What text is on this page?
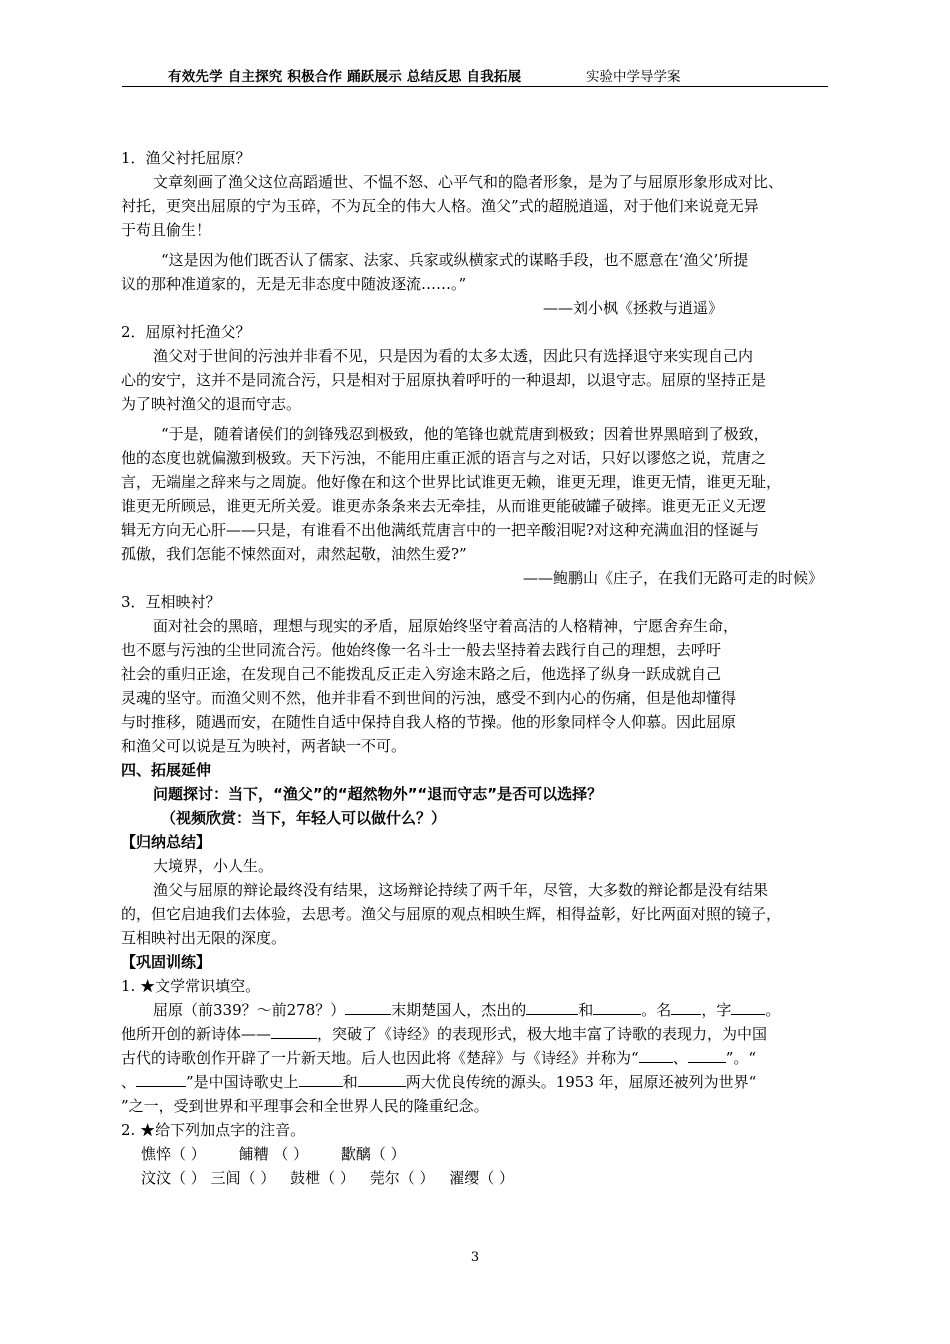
有效先学 自主探究 积极合作 踊跃展示 总结反思 自我拓展	实验中学导学案

1．渔父衬托屈原？

文章刻画了渔父这位高蹈遁世、不愠不怒、心平气和的隐者形象，是为了与屈原形象形成对比、

衬托，更突出屈原的宁为玉碎，不为瓦全的伟大人格。渔父”式的超脱逍遥，对于他们来说竟无异

于苟且偷生！

“这是因为他们既否认了儒家、法家、兵家或纵横家式的谋略手段，也不愿意在‘渔父’所提

议的那种准道家的，无是无非态度中随波逐流……。”

——刘小枫《拯救与逍遥》

2．屈原衬托渔父？

渔父对于世间的污浊并非看不见，只是因为看的太多太透，因此只有选择退守来实现自己内

心的安宁，这并不是同流合污，只是相对于屈原执着呼吁的一种退却，以退守志。屈原的坚持正是

为了映衬渔父的退而守志。

“于是，随着诸侯们的剑锋残忍到极致，他的笔锋也就荒唐到极致；因着世界黑暗到了极致，

他的态度也就偏激到极致。天下污浊，不能用庄重正派的语言与之对话，只好以谬悠之说，荒唐之

言，无端崖之辞来与之周旋。他好像在和这个世界比试谁更无赖，谁更无理，谁更无情，谁更无耻，

谁更无所顾忌，谁更无所关爱。谁更赤条条来去无牵挂，从而谁更能破罐子破摔。谁更无正义无逻

辑无方向无心肝——只是，有谁看不出他满纸荒唐言中的一把辛酸泪呢?对这种充满血泪的怪诞与

孤傲，我们怎能不悚然面对，肃然起敬，油然生爱?”

——鲍鹏山《庄子，在我们无路可走的时候》

3．互相映衬？

面对社会的黑暗，理想与现实的矛盾，屈原始终坚守着高洁的人格精神，宁愿舍弃生命，

也不愿与污浊的尘世同流合污。他始终像一名斗士一般去坚持着去践行自己的理想，去呼吁

社会的重归正途，在发现自己不能拨乱反正走入穷途末路之后，他选择了纵身一跃成就自己

灵魂的坚守。而渔父则不然，他并非看不到世间的污浊，感受不到内心的伤痛，但是他却懂得

与时推移，随遇而安，在随性自适中保持自我人格的节操。他的形象同样令人仰慕。因此屈原

和渔父可以说是互为映衬，两者缺一不可。

四、拓展延伸

问题探讨：当下，“渔父”的“超然物外”“退而守志”是否可以选择？

（视频欣赏：当下，年轻人可以做什么？）

【归纳总结】

大境界，小人生。

渔父与屈原的辩论最终没有结果，这场辩论持续了两千年，尽管，大多数的辩论都是没有结果

的，但它启迪我们去体验，去思考。渔父与屈原的观点相映生辉，相得益彰，好比两面对照的镜子，

互相映衬出无限的深度。

【巩固训练】

1. ★文学常识填空。

屈原（前339？～前278？）	末期楚国人，杰出的	和	。名 ，字 。

他所开创的新诗体——	，突破了《诗经》的表现形式，极大地丰富了诗歌的表现力，为中国

古代的诗歌创作开辟了一片新天地。后人也因此将《楚辞》与《诗经》并称为“ 、	”。“

、	”是中国诗歌史上	和	两大优良传统的源头。1953 年，屈原还被列为世界“

”之一，受到世界和平理事会和全世界人民的隆重纪念。

2. ★给下列加点字的注音。

憔悴（ ） 餔糟 （ ） 歠醨（ ）

汶汶（ ） 三闾（ ） 鼓枻（ ） 莞尔（ ） 濯缨（ ）

3
